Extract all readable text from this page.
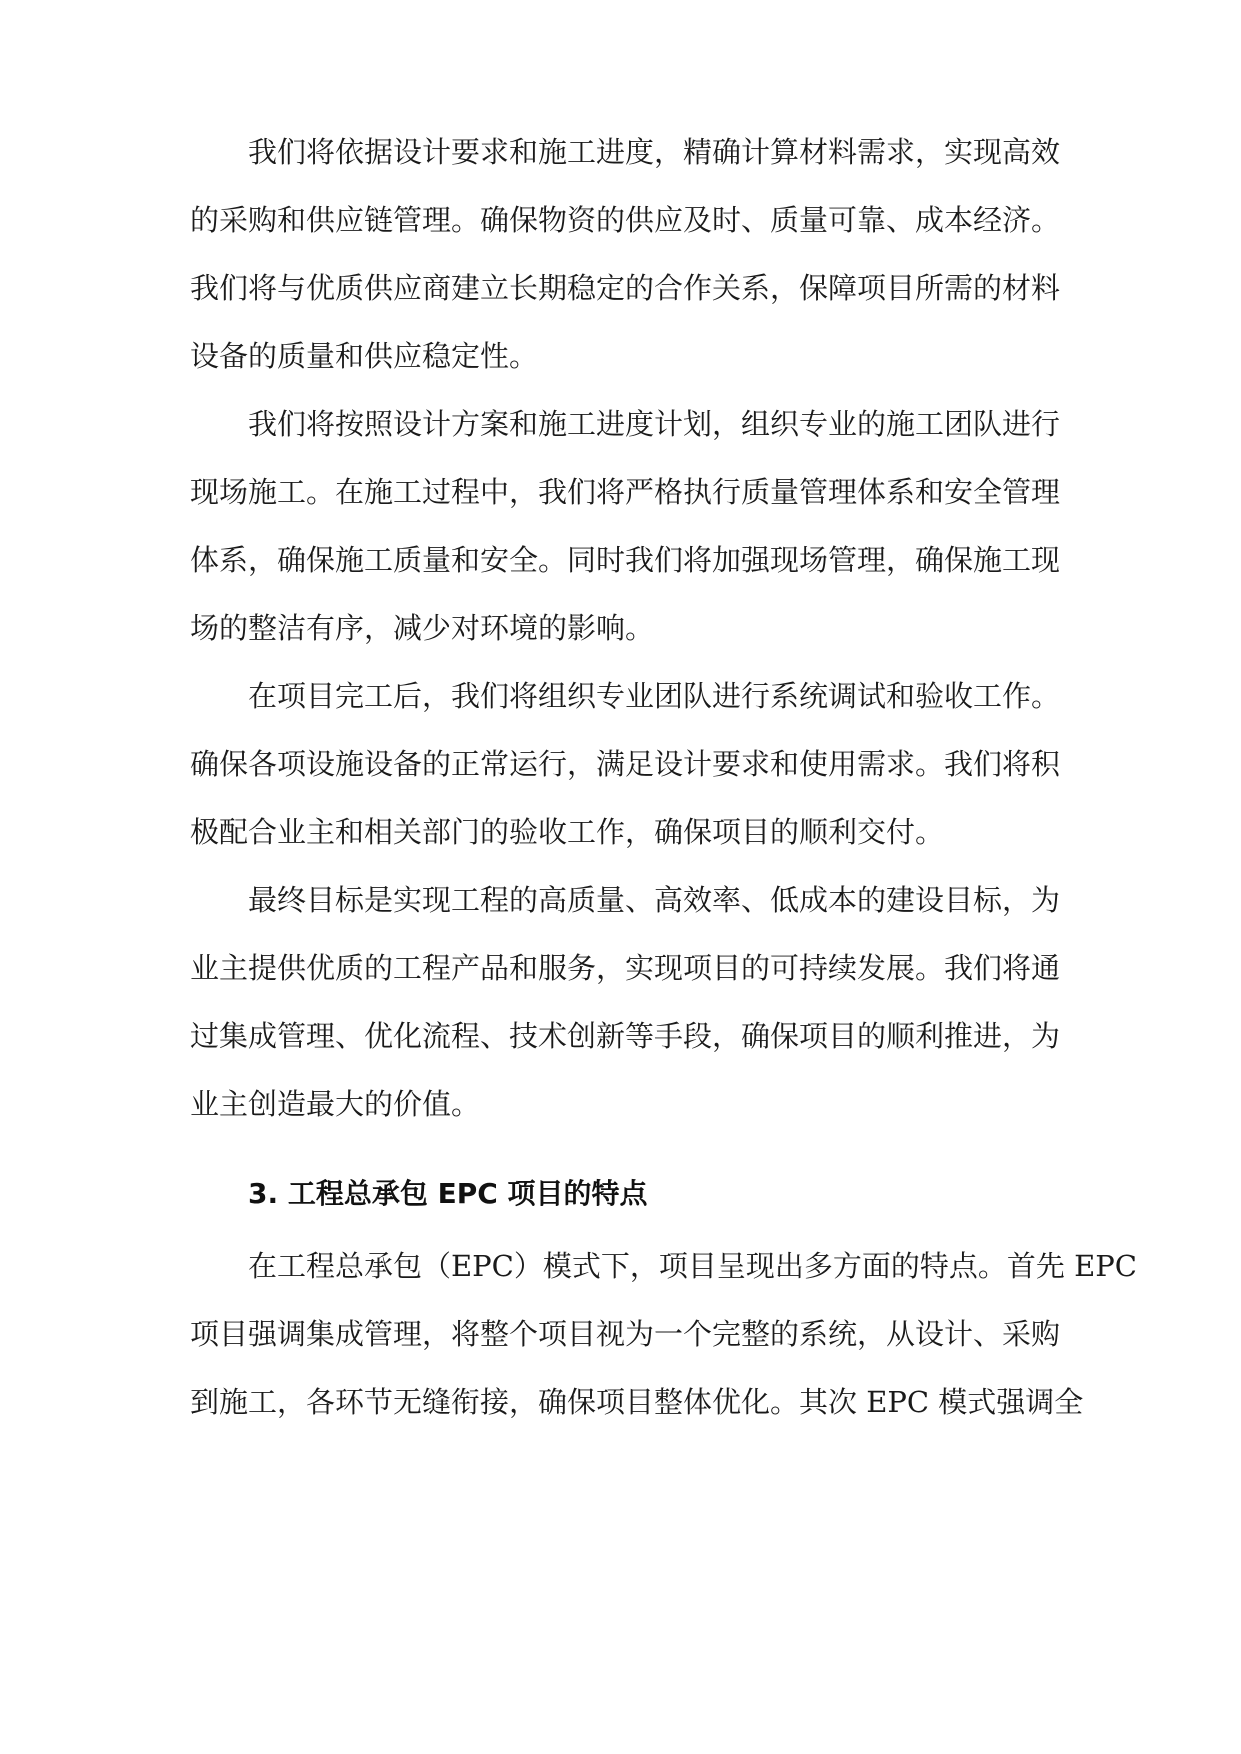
我们将依据设计要求和施工进度，精确计算材料需求，实现高效
的采购和供应链管理。确保物资的供应及时、质量可靠、成本经济。
我们将与优质供应商建立长期稳定的合作关系，保障项目所需的材料
设备的质量和供应稳定性。
我们将按照设计方案和施工进度计划，组织专业的施工团队进行
现场施工。在施工过程中，我们将严格执行质量管理体系和安全管理
体系，确保施工质量和安全。同时我们将加强现场管理，确保施工现
场的整洁有序，减少对环境的影响。
在项目完工后，我们将组织专业团队进行系统调试和验收工作。
确保各项设施设备的正常运行，满足设计要求和使用需求。我们将积
极配合业主和相关部门的验收工作，确保项目的顺利交付。
最终目标是实现工程的高质量、高效率、低成本的建设目标，为
业主提供优质的工程产品和服务，实现项目的可持续发展。我们将通
过集成管理、优化流程、技术创新等手段，确保项目的顺利推进，为
业主创造最大的价值。
3. 工程总承包 EPC 项目的特点
在工程总承包（EPC）模式下，项目呈现出多方面的特点。首先 EPC
项目强调集成管理，将整个项目视为一个完整的系统，从设计、采购
到施工，各环节无缝衔接，确保项目整体优化。其次 EPC 模式强调全
